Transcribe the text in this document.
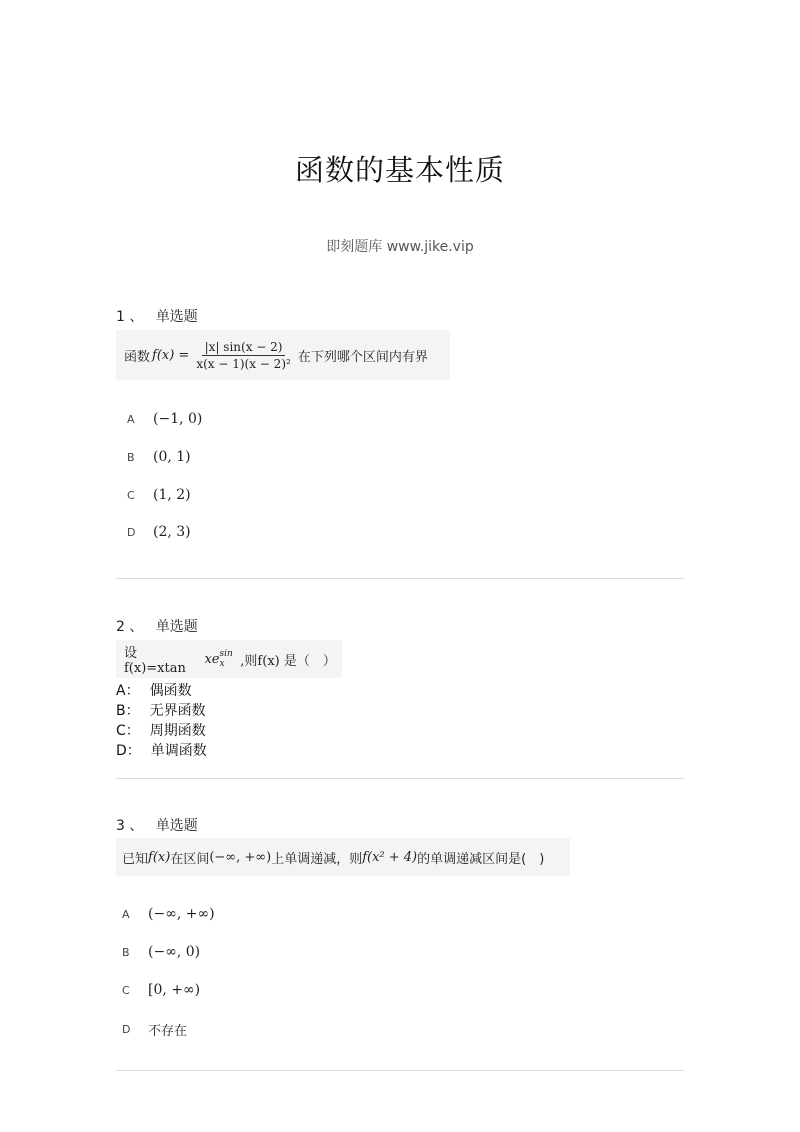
函数的基本性质
即刻题库 www.jike.vip
1 、 单选题
函数 $f(x) = \frac{|x| \sin(x - 2)}{\text{x(x − 1)(x − 2)²}}$ 在下列哪个区间内有界
A	(−1, 0)
B	(0, 1)
C	(1, 2)
D	(2, 3)
2 、 单选题
设 f(x)=xtan
xe sin x	,则f(x) 是（　）
A： 偶函数
B： 无界函数
C： 周期函数
D： 单调函数
3 、 单选题
已知 f(x) 在区间 (−∞, +∞) 上单调递减，则 f(x² + 4) 的单调递减区间是(　)
A	(−∞, +∞)
B	(−∞, 0)
C	[0, +∞)
D	不存在
